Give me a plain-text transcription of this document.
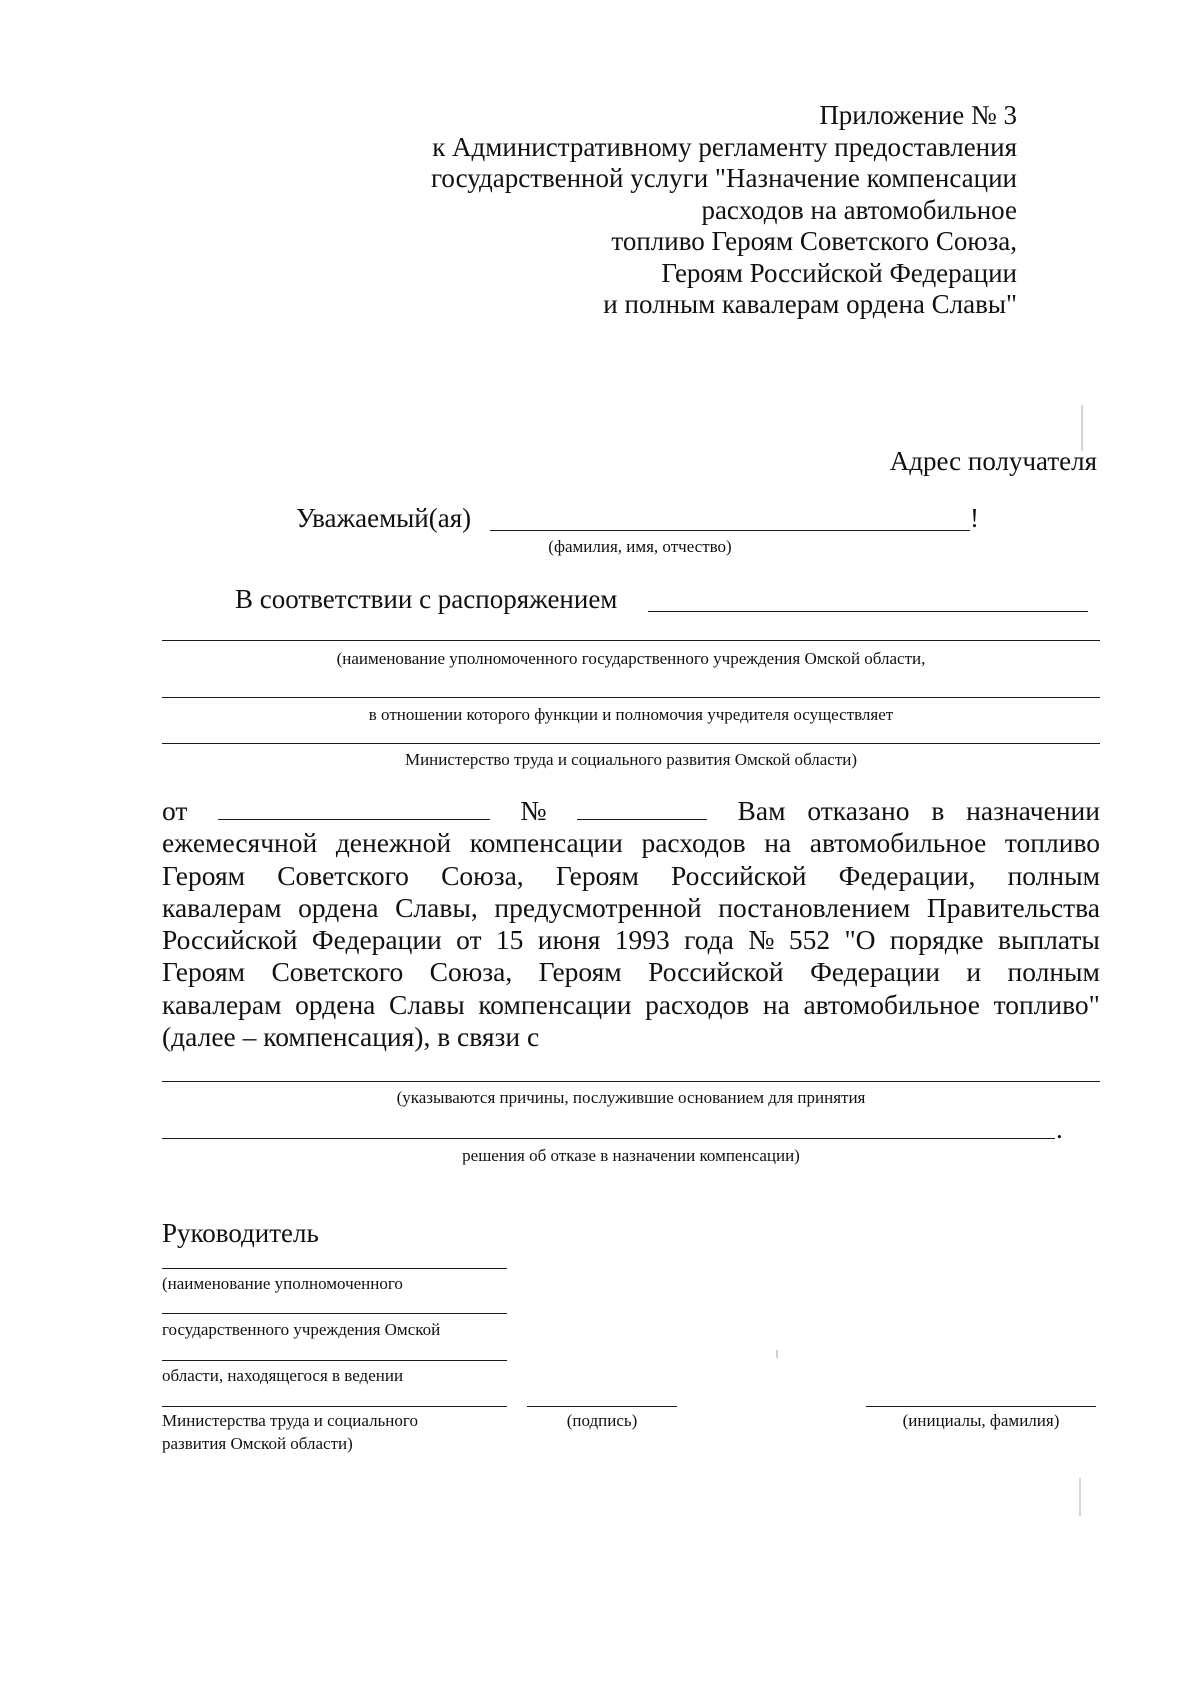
Приложение № 3
к Административному регламенту предоставления
государственной услуги "Назначение компенсации
расходов на автомобильное
топливо Героям Советского Союза,
Героям Российской Федерации
и полным кавалерам ордена Славы"
Адрес получателя
Уважаемый(ая)	!
(фамилия, имя, отчество)
В соответствии с распоряжением
(наименование уполномоченного государственного учреждения Омской области,
в отношении которого функции и полномочия учредителя осуществляет
Министерство труда и социального развития Омской области)
от	№	Вам отказано в назначении
ежемесячной денежной компенсации расходов на автомобильное топливо
Героям Советского Союза, Героям Российской Федерации, полным
кавалерам ордена Славы, предусмотренной постановлением Правительства
Российской Федерации от 15 июня 1993 года № 552 "О порядке выплаты
Героям Советского Союза, Героям Российской Федерации и полным
кавалерам ордена Славы компенсации расходов на автомобильное топливо"
(далее – компенсация), в связи с
(указываются причины, послужившие основанием для принятия
.
решения об отказе в назначении компенсации)
Руководитель
(наименование уполномоченного
государственного учреждения Омской
области, находящегося в ведении
Министерства труда и социального
развития Омской области)
(подпись)	(инициалы, фамилия)
